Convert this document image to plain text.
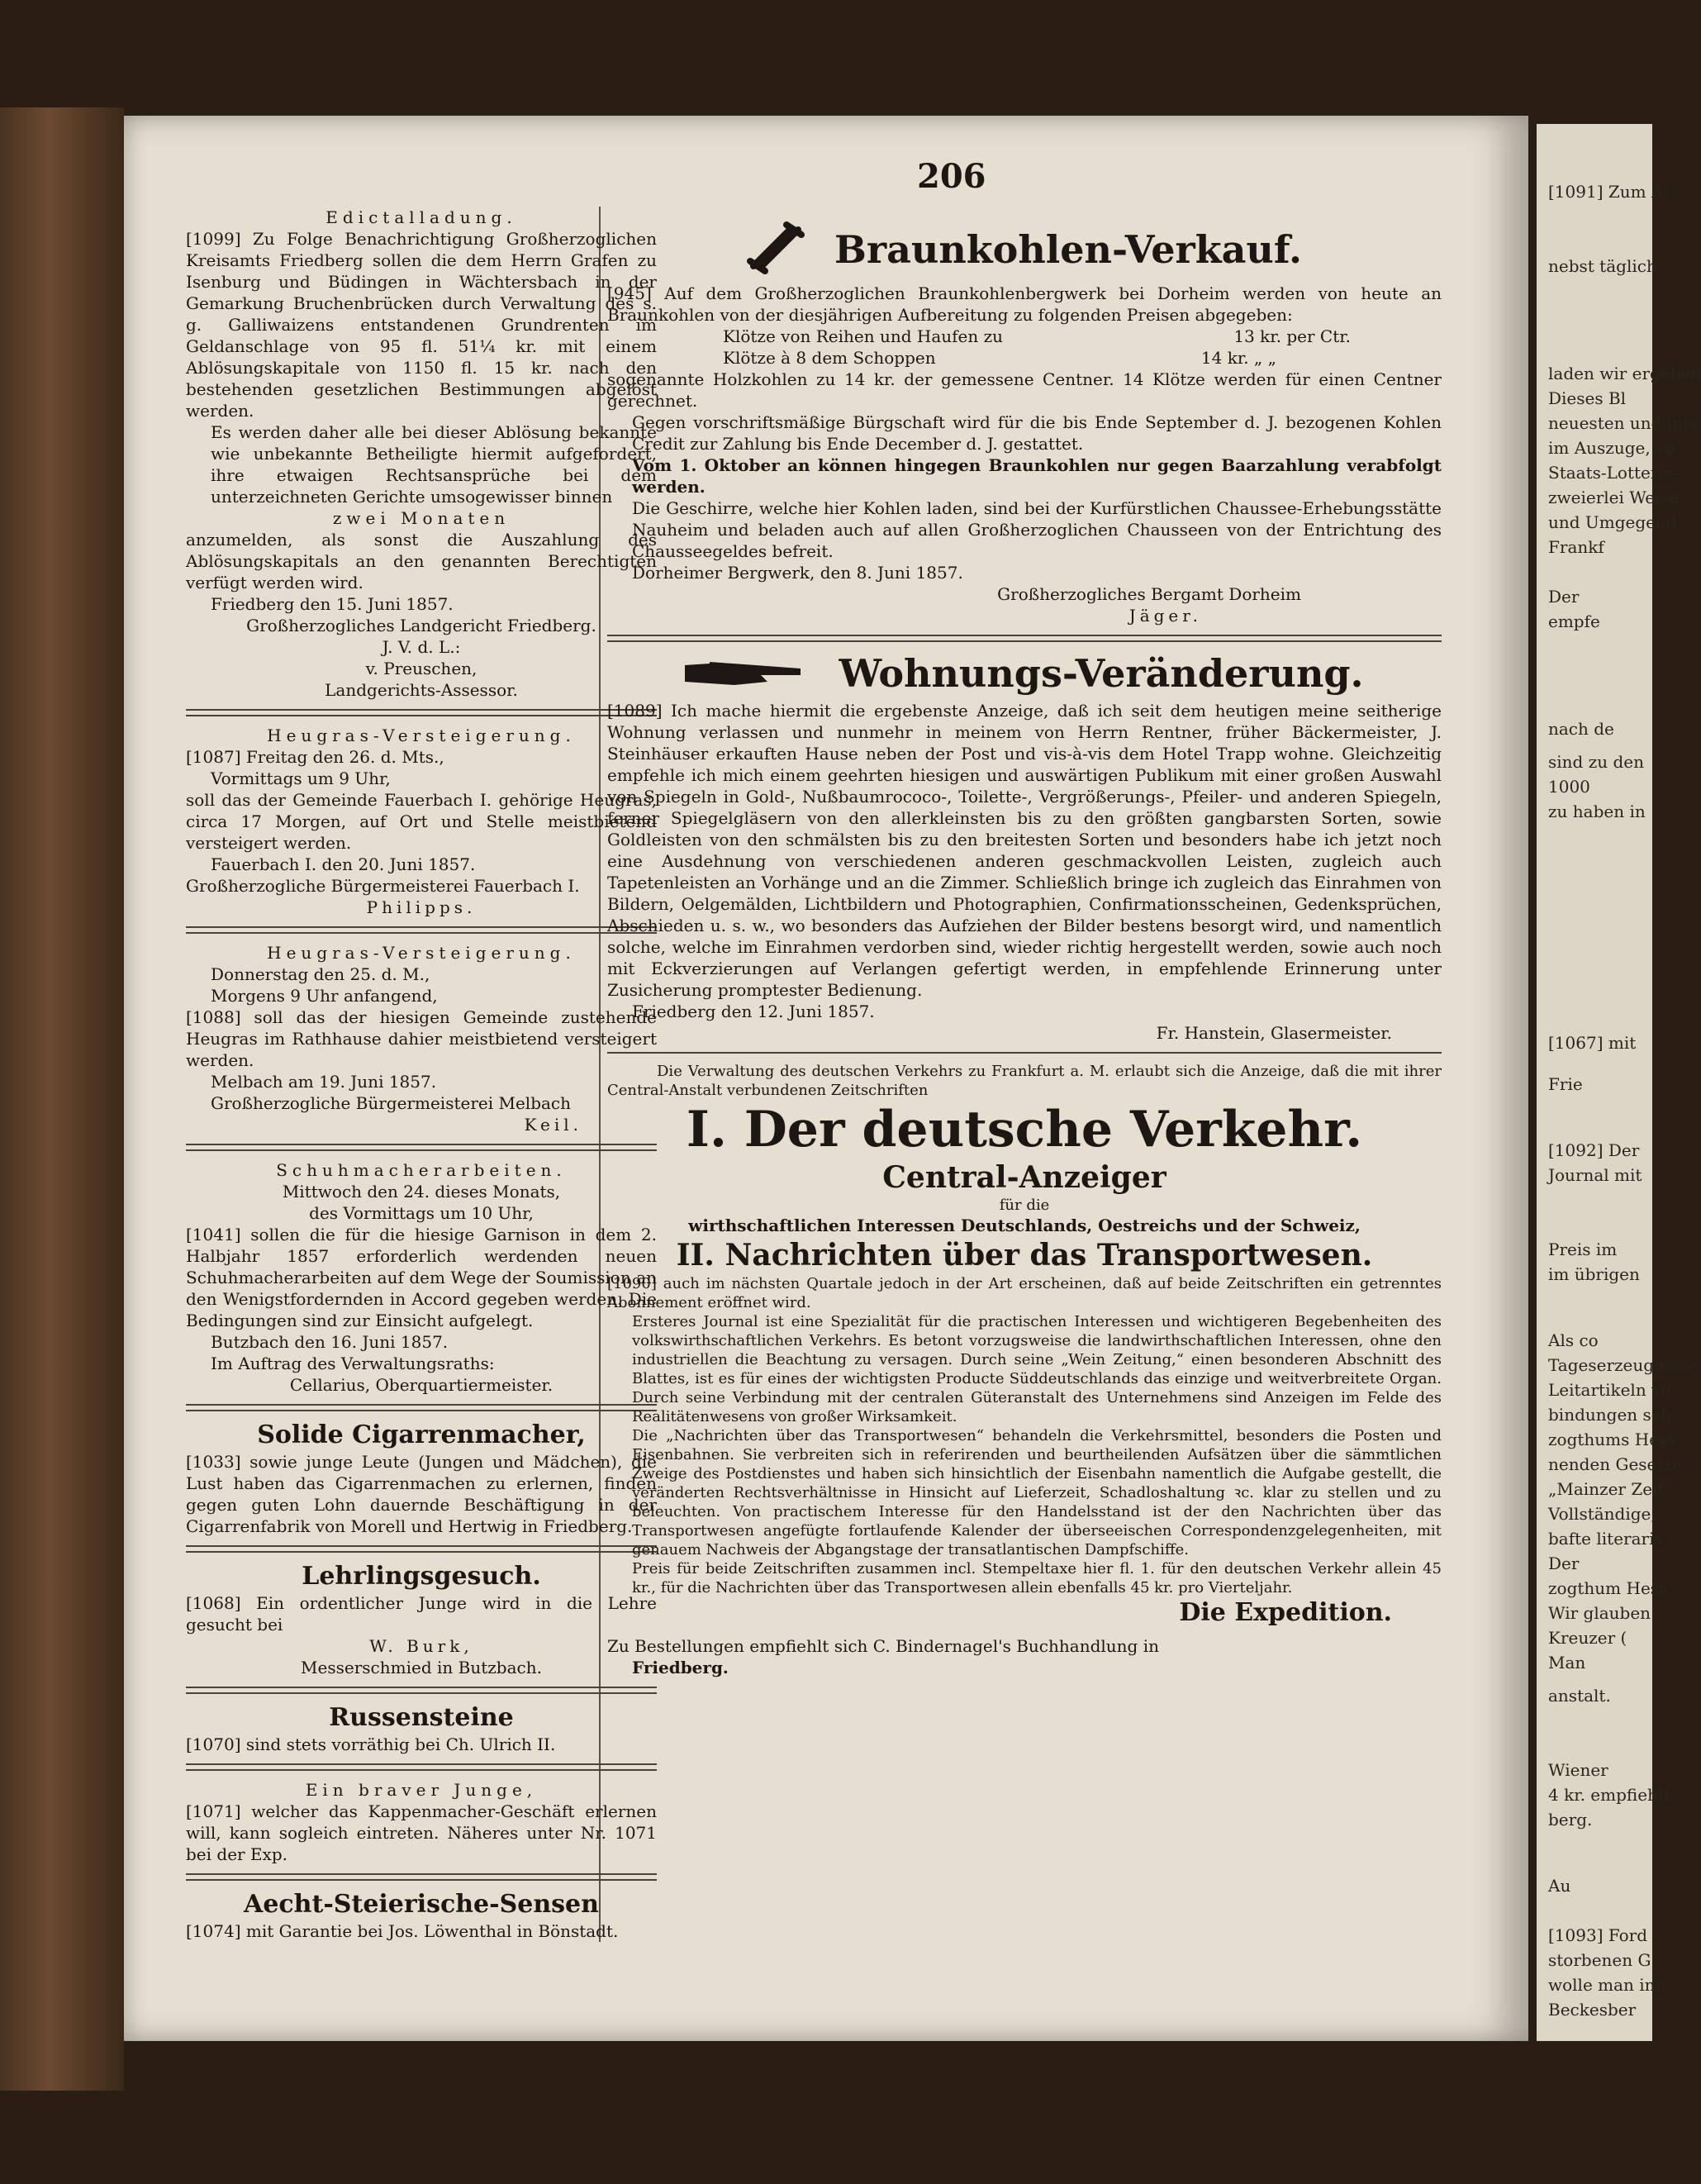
206

Edictalladung.

[1099] Zu Folge Benachrichtigung Großherzoglichen Kreisamts Friedberg sollen die dem Herrn Grafen zu Isenburg und Büdingen in Wächtersbach in der Gemarkung Bruchenbrücken durch Verwaltung des s. g. Galliwaizens entstandenen Grundrenten im Geldanschlage von 95 fl. 51¼ kr. mit einem Ablösungskapitale von 1150 fl. 15 kr. nach den bestehenden gesetzlichen Bestimmungen abgelöst werden.

Es werden daher alle bei dieser Ablösung bekannte wie unbekannte Betheiligte hiermit aufgefordert, ihre etwaigen Rechtsansprüche bei dem unterzeichneten Gerichte umsogewisser binnen

zwei Monaten

anzumelden, als sonst die Auszahlung des Ablösungskapitals an den genannten Berechtigten verfügt werden wird.

Friedberg den 15. Juni 1857.

Großherzogliches Landgericht Friedberg.

J. V. d. L.:

v. Preuschen,

Landgerichts-Assessor.

Heugras-Versteigerung.

[1087] Freitag den 26. d. Mts.,

Vormittags um 9 Uhr,

soll das der Gemeinde Fauerbach I. gehörige Heugras, circa 17 Morgen, auf Ort und Stelle meistbietend versteigert werden.

Fauerbach I. den 20. Juni 1857.

Großherzogliche Bürgermeisterei Fauerbach I.

Philipps.

Heugras-Versteigerung.

Donnerstag den 25. d. M.,

Morgens 9 Uhr anfangend,

[1088] soll das der hiesigen Gemeinde zustehende Heugras im Rathhause dahier meistbietend versteigert werden.

Melbach am 19. Juni 1857.

Großherzogliche Bürgermeisterei Melbach

Keil.

Schuhmacherarbeiten.

Mittwoch den 24. dieses Monats,

des Vormittags um 10 Uhr,

[1041] sollen die für die hiesige Garnison in dem 2. Halbjahr 1857 erforderlich werdenden neuen Schuhmacherarbeiten auf dem Wege der Soumission an den Wenigstfordernden in Accord gegeben werden. Die Bedingungen sind zur Einsicht aufgelegt.

Butzbach den 16. Juni 1857.

Im Auftrag des Verwaltungsraths:

Cellarius, Oberquartiermeister.

Solide Cigarrenmacher,

[1033] sowie junge Leute (Jungen und Mädchen), die Lust haben das Cigarrenmachen zu erlernen, finden gegen guten Lohn dauernde Beschäftigung in der Cigarrenfabrik von Morell und Hertwig in Friedberg.

Lehrlingsgesuch.

[1068] Ein ordentlicher Junge wird in die Lehre gesucht bei

W. Burk,

Messerschmied in Butzbach.

Russensteine

[1070] sind stets vorräthig bei Ch. Ulrich II.

Ein braver Junge,

[1071] welcher das Kappenmacher-Geschäft erlernen will, kann sogleich eintreten. Näheres unter Nr. 1071 bei der Exp.

Aecht-Steierische-Sensen

[1074] mit Garantie bei Jos. Löwenthal in Bönstadt.

Braunkohlen-Verkauf.

[945] Auf dem Großherzoglichen Braunkohlenbergwerk bei Dorheim werden von heute an Braunkohlen von der diesjährigen Aufbereitung zu folgenden Preisen abgegeben:

Klötze von Reihen und Haufen zu	13 kr. per Ctr.
Klötze à 8 dem Schoppen	14 kr. „ „

sogenannte Holzkohlen zu 14 kr. der gemessene Centner. 14 Klötze werden für einen Centner gerechnet.

Gegen vorschriftsmäßige Bürgschaft wird für die bis Ende September d. J. bezogenen Kohlen Credit zur Zahlung bis Ende December d. J. gestattet.

Vom 1. Oktober an können hingegen Braunkohlen nur gegen Baarzahlung verabfolgt werden.

Die Geschirre, welche hier Kohlen laden, sind bei der Kurfürstlichen Chaussee-Erhebungsstätte Nauheim und beladen auch auf allen Großherzoglichen Chausseen von der Entrichtung des Chausseegeldes befreit.

Dorheimer Bergwerk, den 8. Juni 1857.

Großherzogliches Bergamt Dorheim

Jäger.

Wohnungs-Veränderung.

[1089] Ich mache hiermit die ergebenste Anzeige, daß ich seit dem heutigen meine seitherige Wohnung verlassen und nunmehr in meinem von Herrn Rentner, früher Bäckermeister, J. Steinhäuser erkauften Hause neben der Post und vis-à-vis dem Hotel Trapp wohne. Gleichzeitig empfehle ich mich einem geehrten hiesigen und auswärtigen Publikum mit einer großen Auswahl von Spiegeln in Gold-, Nußbaumrococo-, Toilette-, Vergrößerungs-, Pfeiler- und anderen Spiegeln, ferner Spiegelgläsern von den allerkleinsten bis zu den größten gangbarsten Sorten, sowie Goldleisten von den schmälsten bis zu den breitesten Sorten und besonders habe ich jetzt noch eine Ausdehnung von verschiedenen anderen geschmackvollen Leisten, zugleich auch Tapetenleisten an Vorhänge und an die Zimmer. Schließlich bringe ich zugleich das Einrahmen von Bildern, Oelgemälden, Lichtbildern und Photographien, Confirmationsscheinen, Gedenksprüchen, Abschieden u. s. w., wo besonders das Aufziehen der Bilder bestens besorgt wird, und namentlich solche, welche im Einrahmen verdorben sind, wieder richtig hergestellt werden, sowie auch noch mit Eckverzierungen auf Verlangen gefertigt werden, in empfehlende Erinnerung unter Zusicherung promptester Bedienung.

Friedberg den 12. Juni 1857.

Fr. Hanstein, Glasermeister.

Die Verwaltung des deutschen Verkehrs zu Frankfurt a. M. erlaubt sich die Anzeige, daß die mit ihrer Central-Anstalt verbundenen Zeitschriften

I. Der deutsche Verkehr.

Central-Anzeiger

für die

wirthschaftlichen Interessen Deutschlands, Oestreichs und der Schweiz,

II. Nachrichten über das Transportwesen.

[1090] auch im nächsten Quartale jedoch in der Art erscheinen, daß auf beide Zeitschriften ein getrenntes Abonnement eröffnet wird.

Ersteres Journal ist eine Spezialität für die practischen Interessen und wichtigeren Begebenheiten des volkswirthschaftlichen Verkehrs. Es betont vorzugsweise die landwirthschaftlichen Interessen, ohne den industriellen die Beachtung zu versagen. Durch seine „Wein Zeitung,“ einen besonderen Abschnitt des Blattes, ist es für eines der wichtigsten Producte Süddeutschlands das einzige und weitverbreitete Organ. Durch seine Verbindung mit der centralen Güteranstalt des Unternehmens sind Anzeigen im Felde des Realitätenwesens von großer Wirksamkeit.

Die „Nachrichten über das Transportwesen“ behandeln die Verkehrsmittel, besonders die Posten und Eisenbahnen. Sie verbreiten sich in referirenden und beurtheilenden Aufsätzen über die sämmtlichen Zweige des Postdienstes und haben sich hinsichtlich der Eisenbahn namentlich die Aufgabe gestellt, die veränderten Rechtsverhältnisse in Hinsicht auf Lieferzeit, Schadloshaltung ꝛc. klar zu stellen und zu beleuchten. Von practischem Interesse für den Handelsstand ist der den Nachrichten über das Transportwesen angefügte fortlaufende Kalender der überseeischen Correspondenzgelegenheiten, mit genauem Nachweis der Abgangstage der transatlantischen Dampfschiffe.

Preis für beide Zeitschriften zusammen incl. Stempeltaxe hier fl. 1. für den deutschen Verkehr allein 45 kr., für die Nachrichten über das Transportwesen allein ebenfalls 45 kr. pro Vierteljahr.

Die Expedition.

Zu Bestellungen empfiehlt sich C. Bindernagel's Buchhandlung in

Friedberg.

[1091] Zum Al
nebst täglich
laden wir ergeben
Dieses Bl
neuesten und inte
im Auszuge, vo
Staats-Lotterie-
zweierlei Weise
und Umgegend
Frankf
Der
empfe
nach de
sind zu den
1000
zu haben in
[1067] mit
Frie
[1092] Der
Journal mit
Preis im
im übrigen
Als co
Tageserzeugnisse
Leitartikeln vo
bindungen sch
zogthums Hess
nenden Gesetze
„Mainzer Zeit
Vollständige,
bafte literaris
Der
zogthum Hess
Wir glauben
Kreuzer (
Man
anstalt.
Wiener
4 kr. empfiehlt
berg.
Au
[1093] Ford
storbenen G
wolle man inn
Beckesber
